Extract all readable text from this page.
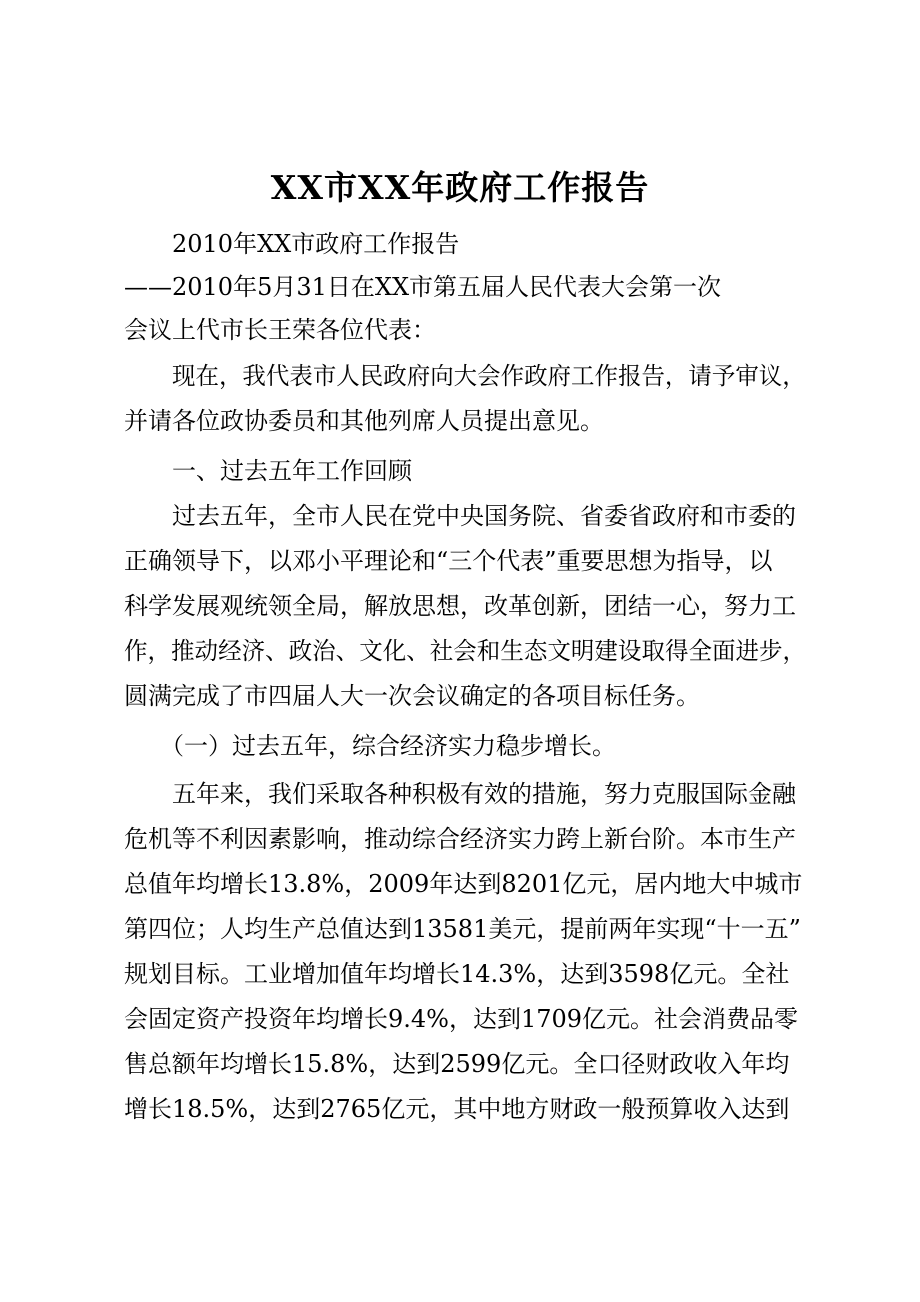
XX市XX年政府工作报告
2010年XX市政府工作报告
——2010年5月31日在XX市第五届人民代表大会第一次
会议上代市长王荣各位代表：
现在，我代表市人民政府向大会作政府工作报告，请予审议，
并请各位政协委员和其他列席人员提出意见。
一、过去五年工作回顾
过去五年，全市人民在党中央国务院、省委省政府和市委的
正确领导下，以邓小平理论和“三个代表”重要思想为指导，以
科学发展观统领全局，解放思想，改革创新，团结一心，努力工
作，推动经济、政治、文化、社会和生态文明建设取得全面进步，
圆满完成了市四届人大一次会议确定的各项目标任务。
（一）过去五年，综合经济实力稳步增长。
五年来，我们采取各种积极有效的措施，努力克服国际金融
危机等不利因素影响，推动综合经济实力跨上新台阶。本市生产
总值年均增长13.8%，2009年达到8201亿元，居内地大中城市
第四位；人均生产总值达到13581美元，提前两年实现“十一五”
规划目标。工业增加值年均增长14.3%，达到3598亿元。全社
会固定资产投资年均增长9.4%，达到1709亿元。社会消费品零
售总额年均增长15.8%，达到2599亿元。全口径财政收入年均
增长18.5%，达到2765亿元，其中地方财政一般预算收入达到
